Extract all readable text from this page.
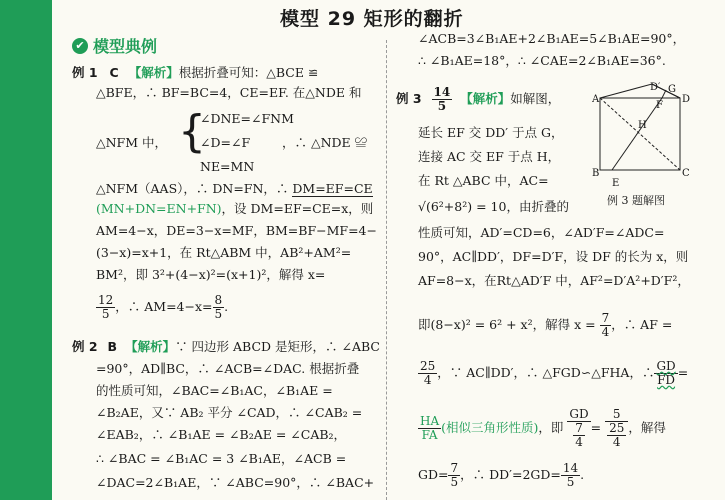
模型 29 矩形的翻折
✔ 模型典例
例 1 C 【解析】根据折叠可知：△BCE ≌
△BFE，∴ BF=BC=4，CE=EF. 在△NDE 和
△NFM 中， {
∠DNE=∠FNM
∠D=∠F
NE=MN
，∴ △NDE ≌
△NFM（AAS），∴ DN=FN，∴ DM=EF=CE
(MN+DN=EN+FN)，设 DM=EF=CE=x，则
AM=4−x，DE=3−x=MF，BM=BF−MF=4−
(3−x)=x+1，在 Rt△ABM 中，AB²+AM²=
BM²，即 3²+(4−x)²=(x+1)²，解得 x=
$\frac{12}{5}$ ，∴ $AM=4-x= \frac{8}{5}$ .
例 2 B 【解析】∵ 四边形 ABCD 是矩形，∴ ∠ABC
=90°，AD∥BC，∴ ∠ACB=∠DAC. 根据折叠
的性质可知，∠BAC=∠B₁AC，∠B₁AE =
∠B₂AE，又∵ AB₂ 平分 ∠CAD，∴ ∠CAB₂ =
∠EAB₂，∴ ∠B₁AE = ∠B₂AE = ∠CAB₂，
∴ ∠BAC = ∠B₁AC = 3 ∠B₁AE，∠ACB =
∠DAC=2∠B₁AE，∵ ∠ABC=90°，∴ ∠BAC+
∠ACB=3∠B₁AE+2∠B₁AE=5∠B₁AE=90°，
∴ ∠B₁AE=18°，∴ ∠CAE=2∠B₁AE=36°.
例 $3 \frac{14}{5}$ 【解析】如解图，
延长 EF 交 DD′ 于点 G，
连接 AC 交 EF 于点 H，
在 Rt △ABC 中，AC=
√(6²+8²) = 10，由折叠的
性质可知，AD′=CD=6，∠AD′F=∠ADC=
90°，AC∥DD′，DF=D′F，设 DF 的长为 x，则
AF=8−x，在Rt△AD′F 中，AF²=D′A²+D′F²，
即(8−x)² = 6² + x²，解得 $x = \frac{7}{4}$ ，∴ AF =
$\frac{25}{4}$ ，∵ AC∥DD′，∴ △FGD∽△FHA，∴ $\frac{GD}{FD}$ =
$\frac{HA}{FA}$ (相似三角形性质)，即 $\frac{GD}{\frac{7}{4}} = \frac{5}{\frac{25}{4}}$ ，解得
$GD= \frac{7}{5}$ ，∴ $DD'=2GD= \frac{14}{5}$ .
A
B	C
D
D′
E
F
G
H
例 3 题解图
